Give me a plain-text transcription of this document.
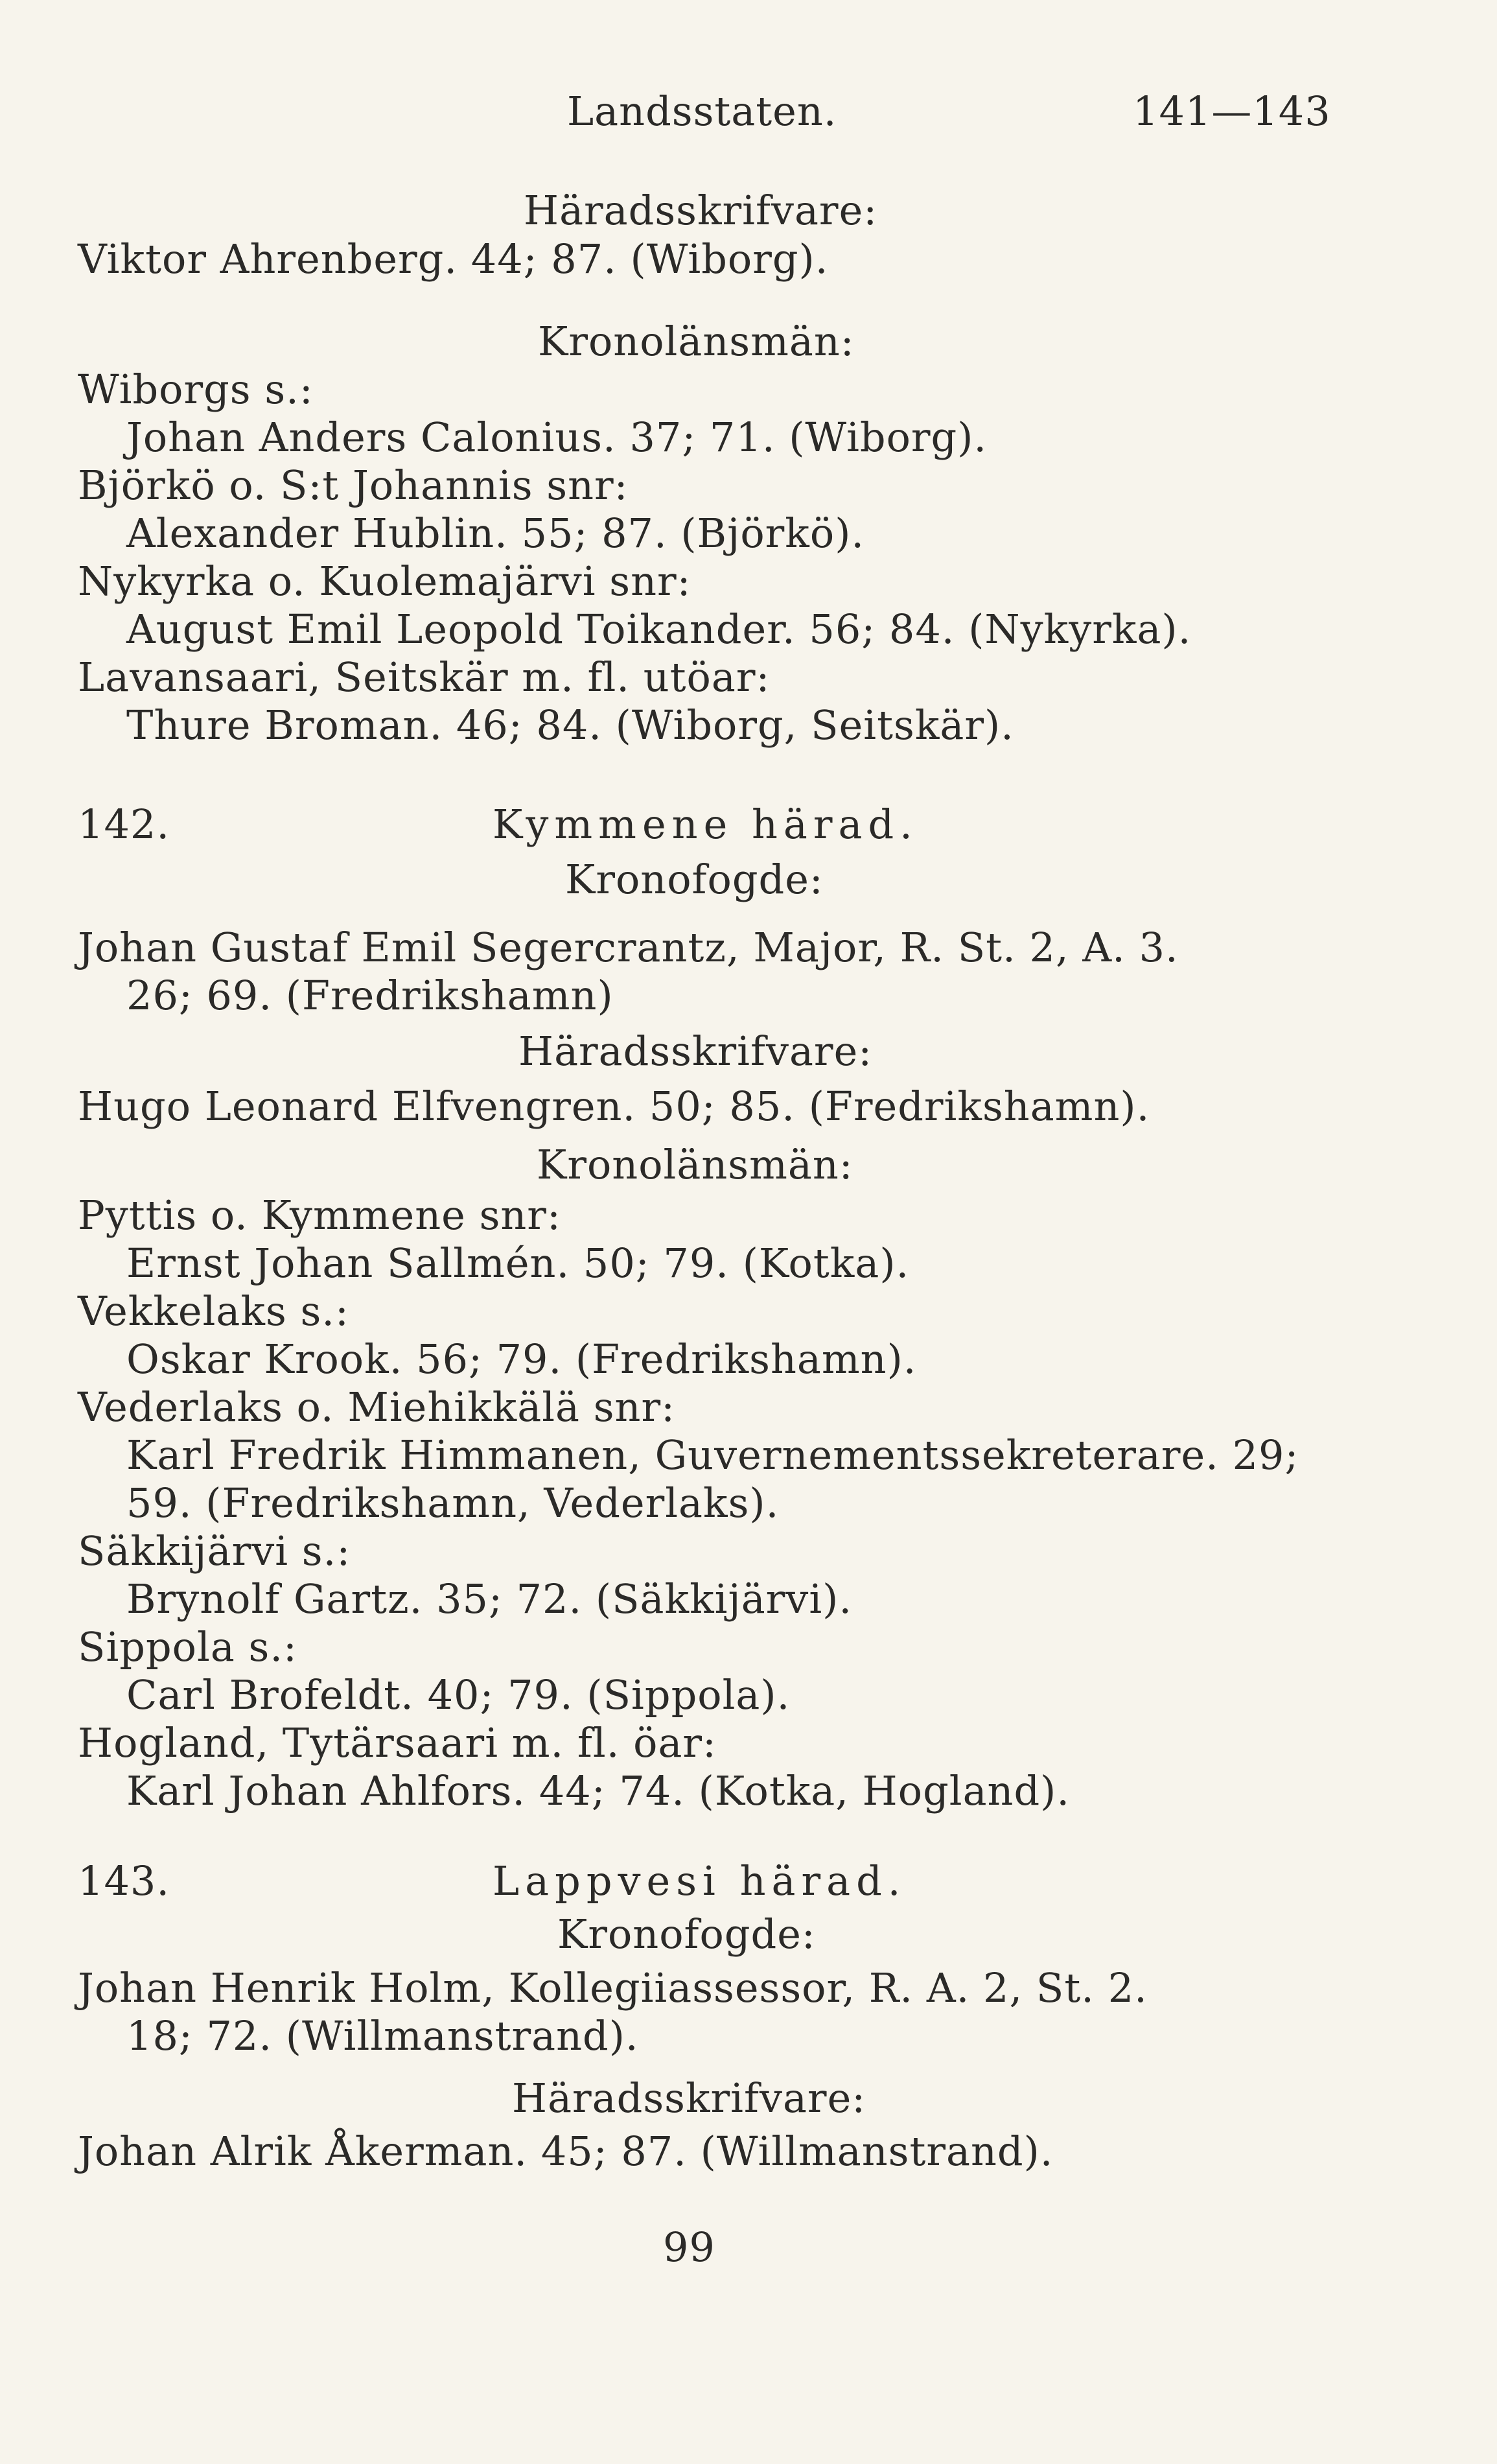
Landsstaten.	141—143
Häradsskrifvare:
Viktor Ahrenberg. 44; 87. (Wiborg).
Kronolänsmän:
Wiborgs s.:
Johan Anders Calonius. 37; 71. (Wiborg).
Björkö o. S:t Johannis snr:
Alexander Hublin. 55; 87. (Björkö).
Nykyrka o. Kuolemajärvi snr:
August Emil Leopold Toikander. 56; 84. (Nykyrka).
Lavansaari, Seitskär m. fl. utöar:
Thure Broman. 46; 84. (Wiborg, Seitskär).
142.	Kymmene härad.
Kronofogde:
Johan Gustaf Emil Segercrantz, Major, R. St. 2, A. 3.
26; 69. (Fredrikshamn)
Häradsskrifvare:
Hugo Leonard Elfvengren. 50; 85. (Fredrikshamn).
Kronolänsmän:
Pyttis o. Kymmene snr:
Ernst Johan Sallmén. 50; 79. (Kotka).
Vekkelaks s.:
Oskar Krook. 56; 79. (Fredrikshamn).
Vederlaks o. Miehikkälä snr:
Karl Fredrik Himmanen, Guvernementssekreterare. 29;
59. (Fredrikshamn, Vederlaks).
Säkkijärvi s.:
Brynolf Gartz. 35; 72. (Säkkijärvi).
Sippola s.:
Carl Brofeldt. 40; 79. (Sippola).
Hogland, Tytärsaari m. fl. öar:
Karl Johan Ahlfors. 44; 74. (Kotka, Hogland).
143.	Lappvesi härad.
Kronofogde:
Johan Henrik Holm, Kollegiiassessor, R. A. 2, St. 2.
18; 72. (Willmanstrand).
Häradsskrifvare:
Johan Alrik Åkerman. 45; 87. (Willmanstrand).
99
